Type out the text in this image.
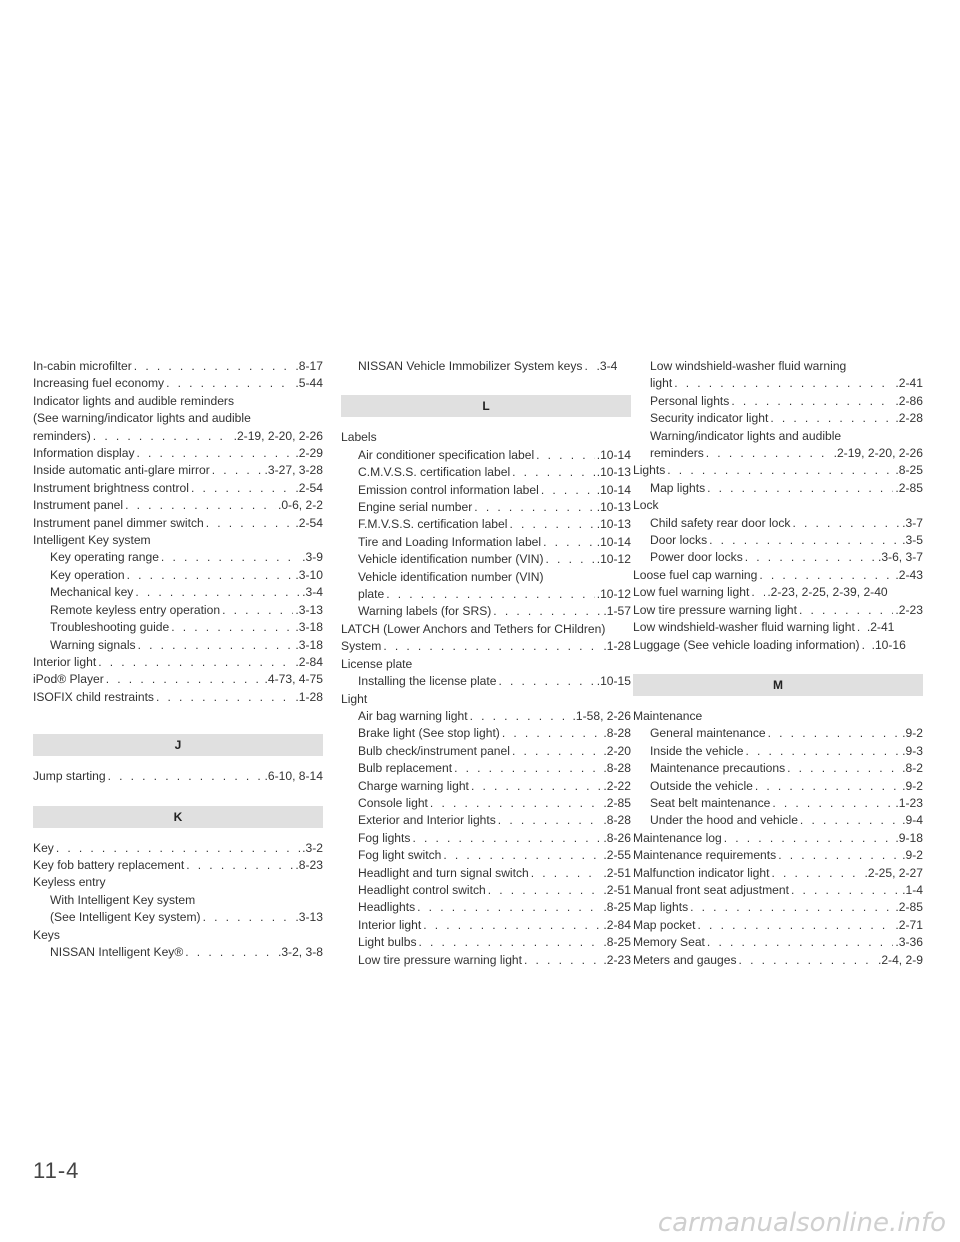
In-cabin microfilter . . .	.8-17
Increasing fuel economy . . .	.5-44
Indicator lights and audible reminders
(See warning/indicator lights and audible
reminders) . . .	.2-19, 2-20, 2-26
Information display . . .	.2-29
Inside automatic anti-glare mirror . . .	.3-27, 3-28
Instrument brightness control . . .	.2-54
Instrument panel . . .	.0-6, 2-2
Instrument panel dimmer switch . . .	.2-54
Intelligent Key system
Key operating range . . .	.3-9
Key operation . . .	.3-10
Mechanical key . . .	.3-4
Remote keyless entry operation . . .	.3-13
Troubleshooting guide . . .	.3-18
Warning signals . . .	.3-18
Interior light . . .	.2-84
iPod® Player . . .	.4-73, 4-75
ISOFIX child restraints . . .	.1-28
J
Jump starting . . .	.6-10, 8-14
K
Key . . .	.3-2
Key fob battery replacement . . .	.8-23
Keyless entry
With Intelligent Key system
(See Intelligent Key system) . . .	.3-13
Keys
NISSAN Intelligent Key® . . .	.3-2, 3-8
NISSAN Vehicle Immobilizer System keys . . . .3-4
L
Labels
Air conditioner specification label . . .	.10-14
C.M.V.S.S. certification label . . .	.10-13
Emission control information label . . .	.10-14
Engine serial number . . .	.10-13
F.M.V.S.S. certification label . . .	.10-13
Tire and Loading Information label . . .	.10-14
Vehicle identification number (VIN) . . .	.10-12
Vehicle identification number (VIN)
plate . . .	.10-12
Warning labels (for SRS) . . .	.1-57
LATCH (Lower Anchors and Tethers for CHildren)
System . . .	.1-28
License plate
Installing the license plate . . .	.10-15
Light
Air bag warning light . . .	.1-58, 2-26
Brake light (See stop light) . . .	.8-28
Bulb check/instrument panel . . .	.2-20
Bulb replacement . . .	.8-28
Charge warning light . . .	.2-22
Console light . . .	.2-85
Exterior and Interior lights . . .	.8-28
Fog lights . . .	.8-26
Fog light switch . . .	.2-55
Headlight and turn signal switch . . .	.2-51
Headlight control switch . . .	.2-51
Headlights . . .	.8-25
Interior light . . .	.2-84
Light bulbs . . .	.8-25
Low tire pressure warning light . . .	.2-23
Low windshield-washer fluid warning
light . . .	.2-41
Personal lights . . .	.2-86
Security indicator light . . .	.2-28
Warning/indicator lights and audible
reminders . . .	.2-19, 2-20, 2-26
Lights . . .	.8-25
Map lights . . .	.2-85
Lock
Child safety rear door lock . . .	.3-7
Door locks . . .	.3-5
Power door locks . . .	.3-6, 3-7
Loose fuel cap warning . . .	.2-43
Low fuel warning light . . . .2-23, 2-25, 2-39, 2-40
Low tire pressure warning light . . .	.2-23
Low windshield-washer fluid warning light . . . .2-41
Luggage (See vehicle loading information) . . . .10-16
M
Maintenance
General maintenance . . .	.9-2
Inside the vehicle . . .	.9-3
Maintenance precautions . . .	.8-2
Outside the vehicle . . .	.9-2
Seat belt maintenance . . .	.1-23
Under the hood and vehicle . . .	.9-4
Maintenance log . . .	.9-18
Maintenance requirements . . .	.9-2
Malfunction indicator light . . .	.2-25, 2-27
Manual front seat adjustment . . .	.1-4
Map lights . . .	.2-85
Map pocket . . .	.2-71
Memory Seat . . .	.3-36
Meters and gauges . . .	.2-4, 2-9
11-4
carmanualsonline.info
